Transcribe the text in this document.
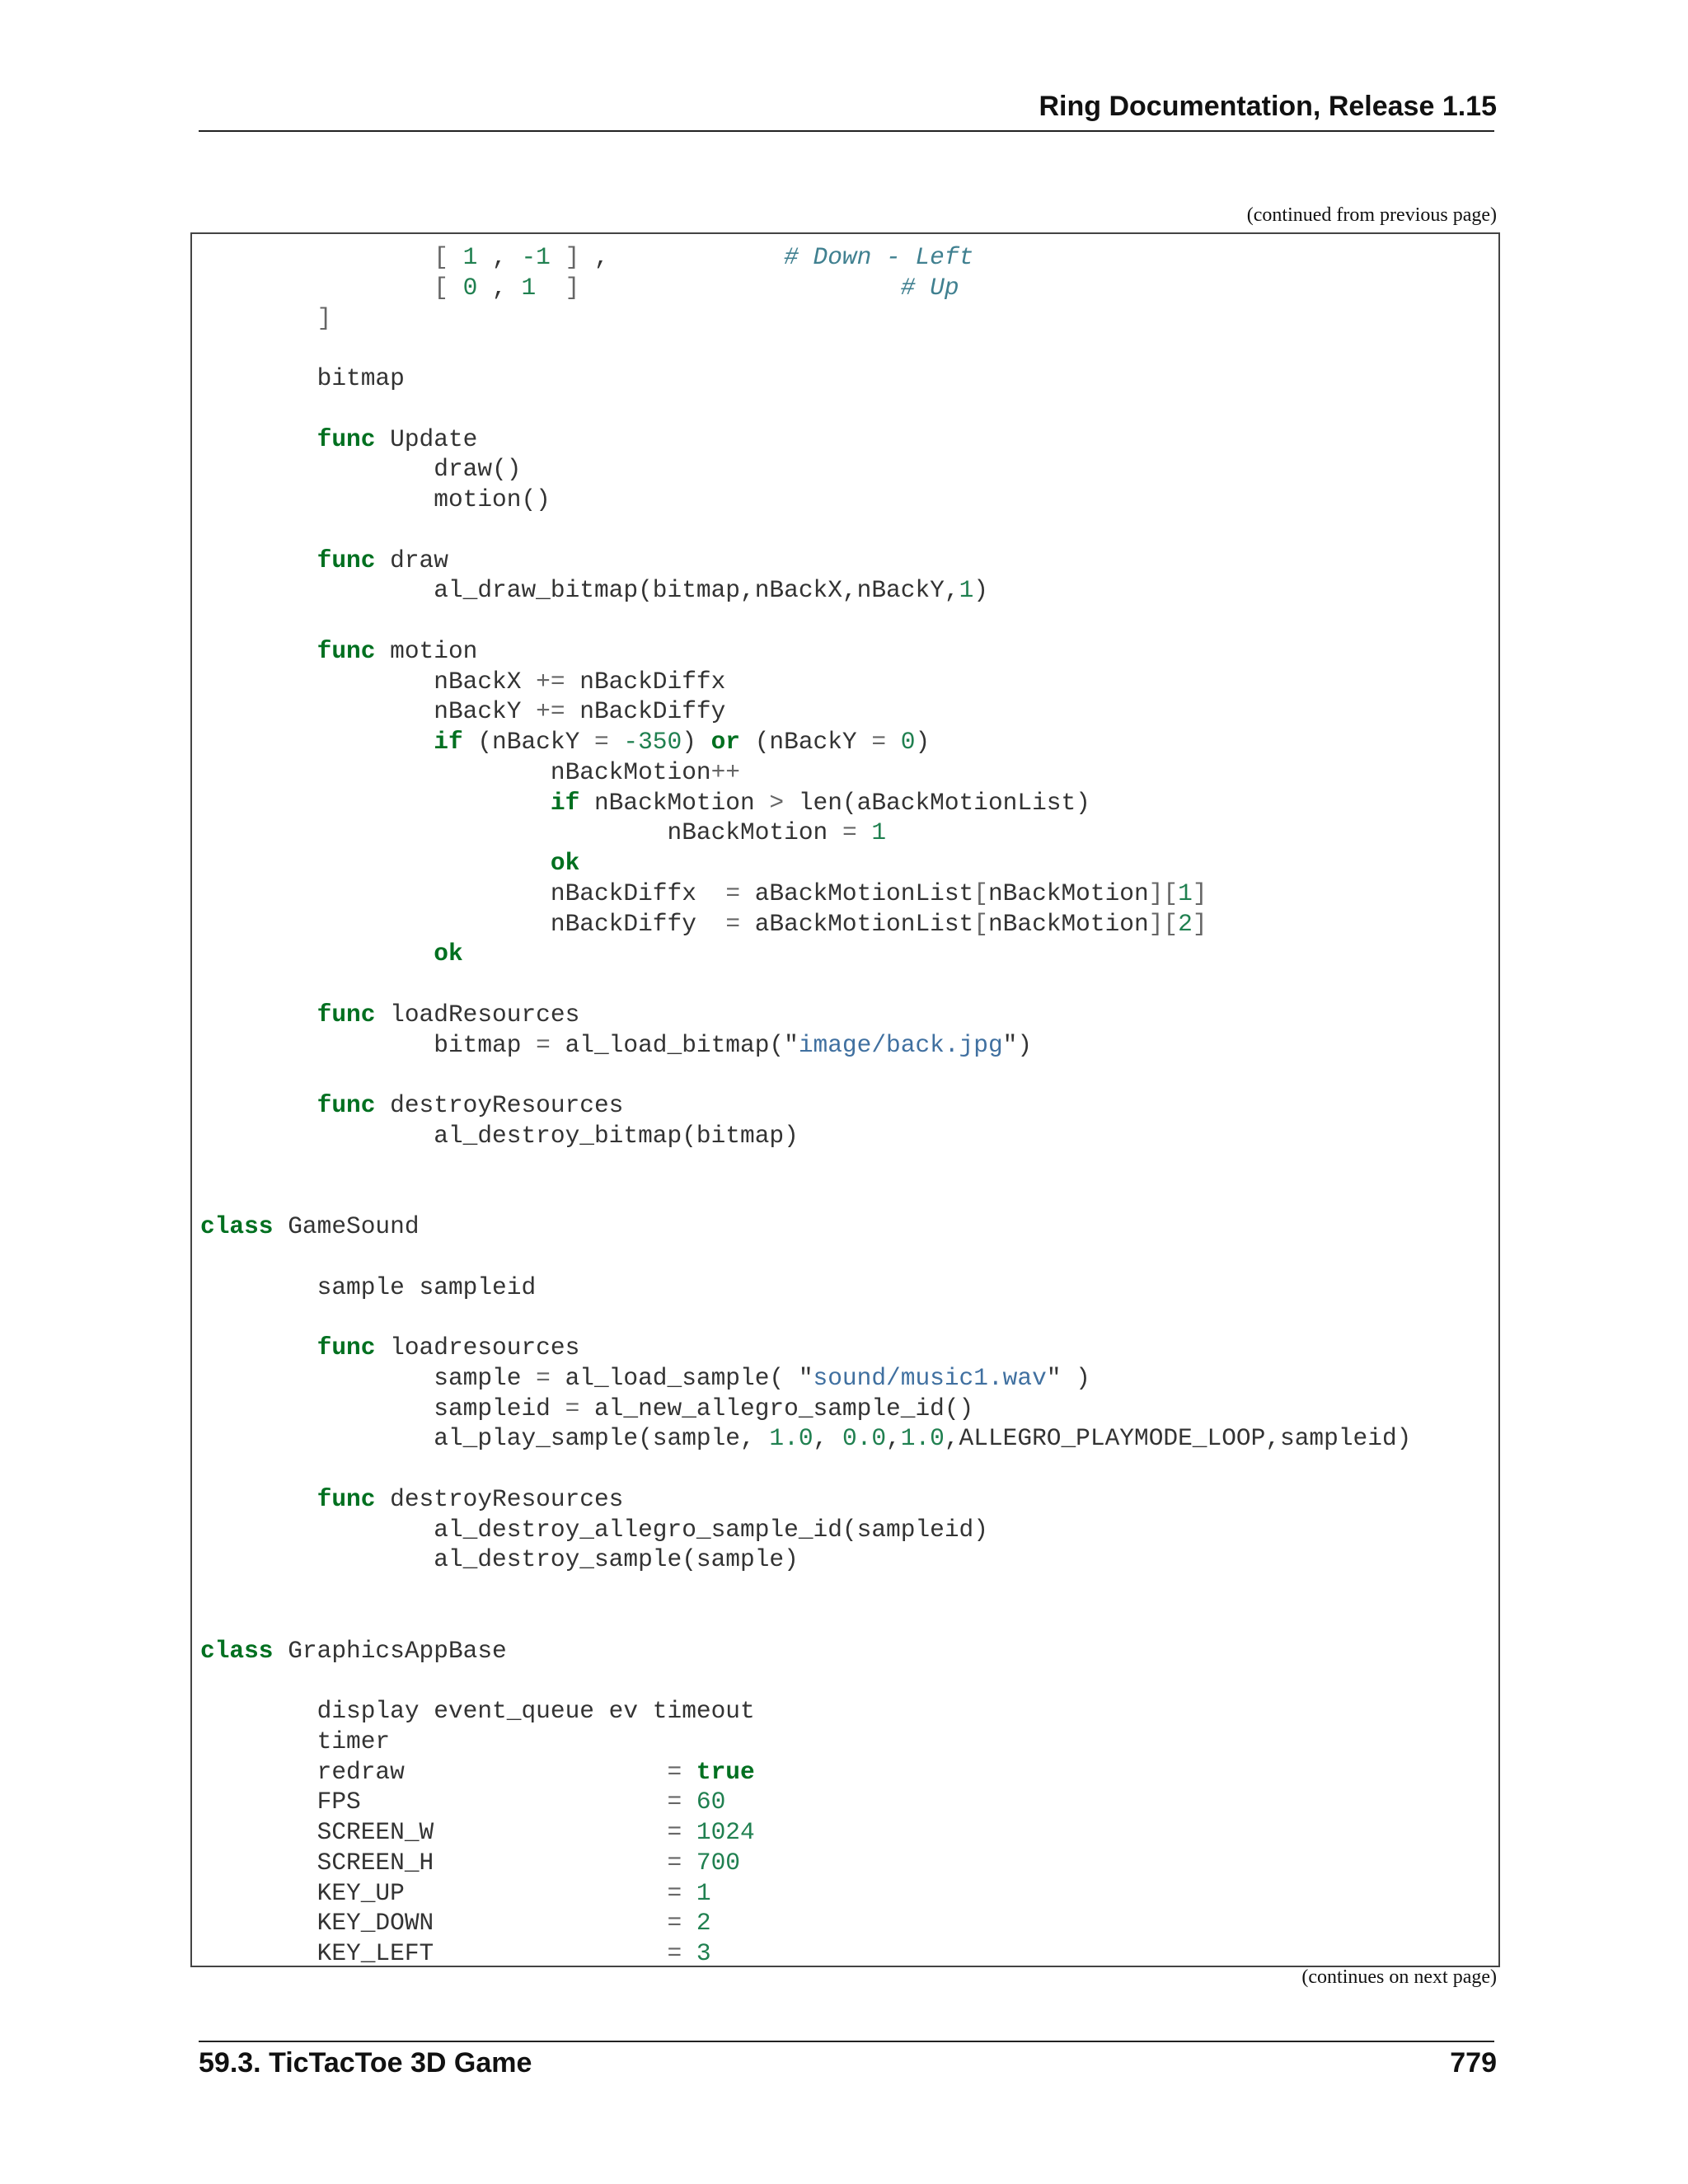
Ring Documentation, Release 1.15
(continued from previous page)
[ 1 , -1 ] ,            # Down - Left
[ 0 , 1 ]	# Up
]

bitmap

func Update
draw()
motion()

func draw
al_draw_bitmap(bitmap,nBackX,nBackY,1)

func motion
nBackX += nBackDiffx
nBackY += nBackDiffy
if (nBackY = -350) or (nBackY = 0)
nBackMotion++
if nBackMotion > len(aBackMotionList)
nBackMotion = 1
ok
nBackDiffx  = aBackMotionList[nBackMotion][1]
nBackDiffy  = aBackMotionList[nBackMotion][2]
ok

func loadResources
bitmap = al_load_bitmap("image/back.jpg")

func destroyResources
al_destroy_bitmap(bitmap)

class GameSound

sample sampleid

func loadresources
sample = al_load_sample( "sound/music1.wav" )
sampleid = al_new_allegro_sample_id()
al_play_sample(sample, 1.0, 0.0,1.0,ALLEGRO_PLAYMODE_LOOP,sampleid)

func destroyResources
al_destroy_allegro_sample_id(sampleid)
al_destroy_sample(sample)

class GraphicsAppBase

display event_queue ev timeout
timer
redraw                  = true
FPS                     = 60
SCREEN_W                = 1024
SCREEN_H                = 700
KEY_UP                  = 1
KEY_DOWN                = 2
KEY_LEFT                = 3
(continues on next page)
59.3. TicTacToe 3D Game	779
